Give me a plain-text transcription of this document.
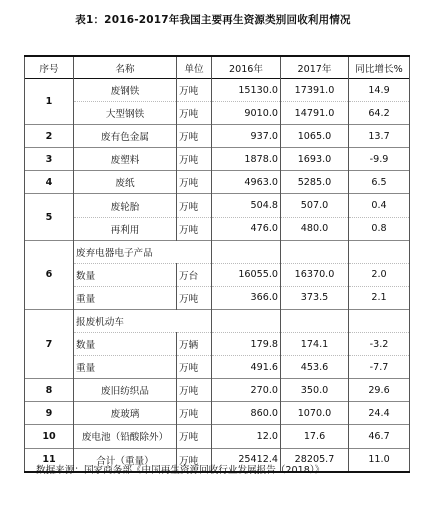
表1：2016-2017年我国主要再生资源类别回收利用情况
序号	名称	单位	2016年	2017年	同比增长%
1	废钢铁	万吨	15130.0	17391.0	14.9
	大型钢铁	万吨	9010.0	14791.0	64.2
2	废有色金属	万吨	937.0	1065.0	13.7
3	废塑料	万吨	1878.0	1693.0	-9.9
4	废纸	万吨	4963.0	5285.0	6.5
5	废轮胎	万吨	504.8	507.0	0.4
	再利用	万吨	476.0	480.0	0.8
6	废弃电器电子产品				
	数量	万台	16055.0	16370.0	2.0
	重量	万吨	366.0	373.5	2.1
7	报废机动车				
	数量	万辆	179.8	174.1	-3.2
	重量	万吨	491.6	453.6	-7.7
8	废旧纺织品	万吨	270.0	350.0	29.6
9	废玻璃	万吨	860.0	1070.0	24.4
10	废电池（铅酸除外）	万吨	12.0	17.6	46.7
11	合计（重量）	万吨	25412.4	28205.7	11.0
数据来源：国家商务部《中国再生资源回收行业发展报告（2018）》
